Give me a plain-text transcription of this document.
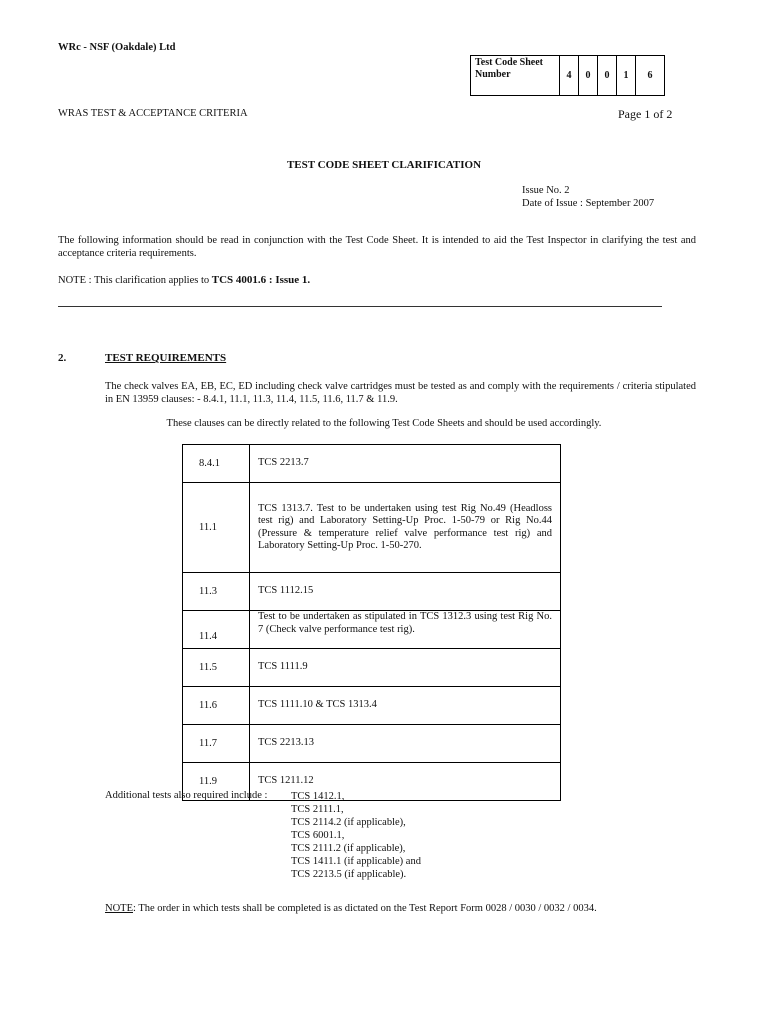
WRc - NSF (Oakdale) Ltd
Test Code Sheet Number	4	0	0	1	6
WRAS TEST & ACCEPTANCE CRITERIA	Page 1 of 2
TEST CODE SHEET CLARIFICATION
Issue No. 2
Date of Issue : September 2007
The following information should be read in conjunction with the Test Code Sheet. It is intended to aid the Test Inspector in clarifying the test and acceptance criteria requirements.
NOTE : This clarification applies to TCS 4001.6 : Issue 1.
2.	TEST REQUIREMENTS
The check valves EA, EB, EC, ED including check valve cartridges must be tested as and comply with the requirements / criteria stipulated in EN 13959 clauses: - 8.4.1, 11.1, 11.3, 11.4, 11.5, 11.6, 11.7 & 11.9.
These clauses can be directly related to the following Test Code Sheets and should be used accordingly.
8.4.1	TCS 2213.7
11.1	TCS 1313.7. Test to be undertaken using test Rig No.49 (Headloss test rig) and Laboratory Setting-Up Proc. 1-50-79 or Rig No.44 (Pressure & temperature relief valve performance test rig) and Laboratory Setting-Up Proc. 1-50-270.
11.3	TCS 1112.15
11.4	Test to be undertaken as stipulated in TCS 1312.3 using test Rig No. 7 (Check valve performance test rig).
11.5	TCS 1111.9
11.6	TCS 1111.10 & TCS 1313.4
11.7	TCS 2213.13
11.9	TCS 1211.12
Additional tests also required include : TCS 1412.1,
TCS 2111.1,
TCS 2114.2 (if applicable),
TCS 6001.1,
TCS 2111.2 (if applicable),
TCS 1411.1 (if applicable) and
TCS 2213.5 (if applicable).
NOTE: The order in which tests shall be completed is as dictated on the Test Report Form 0028 / 0030 / 0032 / 0034.
